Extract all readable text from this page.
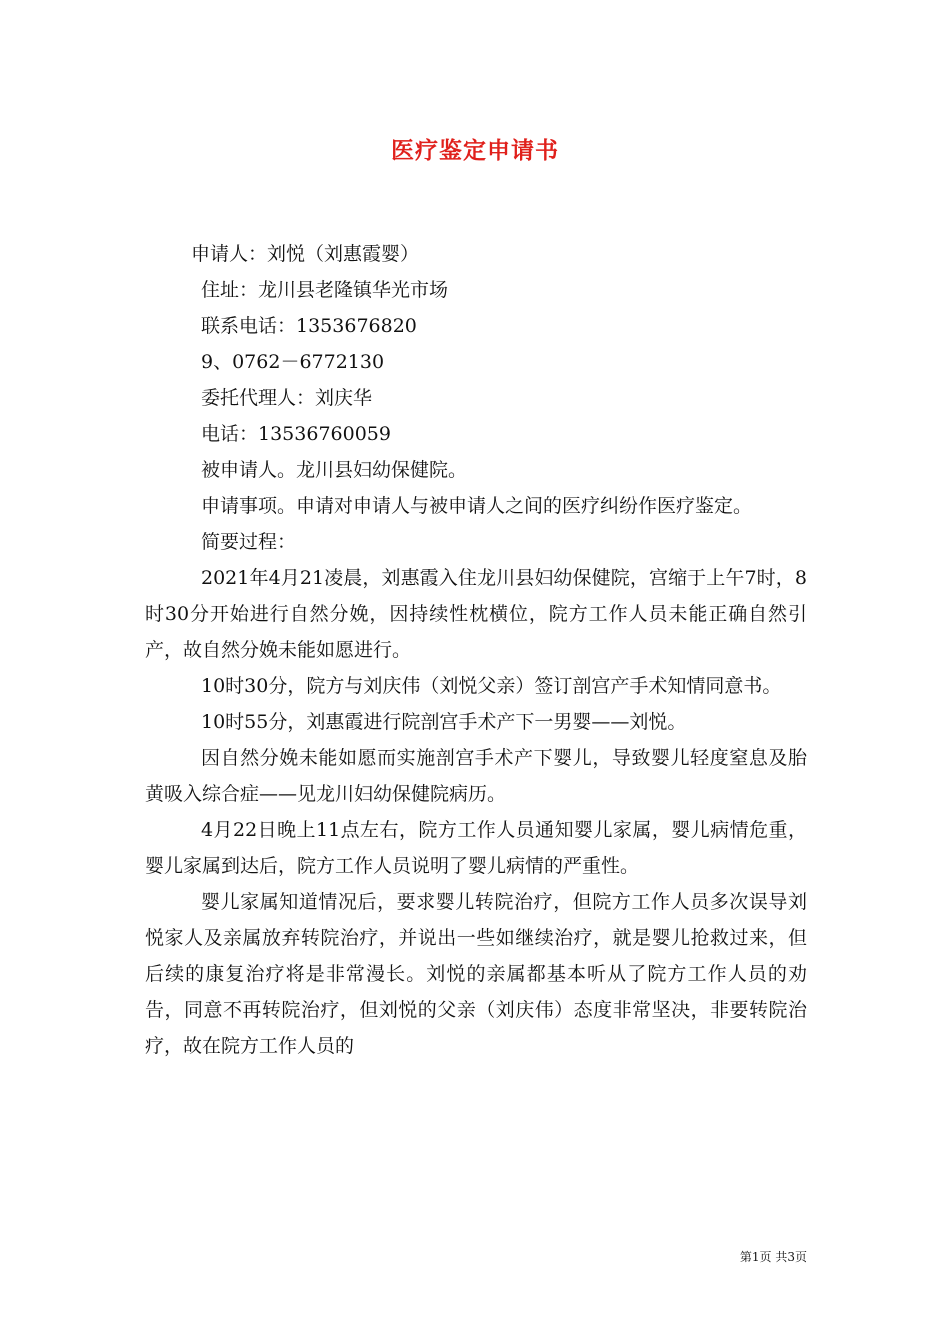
医疗鉴定申请书

申请人：刘悦（刘惠霞婴）

住址：龙川县老隆镇华光市场

联系电话：1353676820

9、0762－6772130

委托代理人：刘庆华

电话：13536760059

被申请人。龙川县妇幼保健院。

申请事项。申请对申请人与被申请人之间的医疗纠纷作医疗鉴定。

简要过程：

2021年4月21凌晨，刘惠霞入住龙川县妇幼保健院，宫缩于上午7时，8时30分开始进行自然分娩，因持续性枕横位，院方工作人员未能正确自然引产，故自然分娩未能如愿进行。

10时30分，院方与刘庆伟（刘悦父亲）签订剖宫产手术知情同意书。

10时55分，刘惠霞进行院剖宫手术产下一男婴——刘悦。

因自然分娩未能如愿而实施剖宫手术产下婴儿，导致婴儿轻度窒息及胎黄吸入综合症——见龙川妇幼保健院病历。

4月22日晚上11点左右，院方工作人员通知婴儿家属，婴儿病情危重，婴儿家属到达后，院方工作人员说明了婴儿病情的严重性。

婴儿家属知道情况后，要求婴儿转院治疗，但院方工作人员多次误导刘悦家人及亲属放弃转院治疗，并说出一些如继续治疗，就是婴儿抢救过来，但后续的康复治疗将是非常漫长。刘悦的亲属都基本听从了院方工作人员的劝告，同意不再转院治疗，但刘悦的父亲（刘庆伟）态度非常坚决，非要转院治疗，故在院方工作人员的

第1页 共3页
